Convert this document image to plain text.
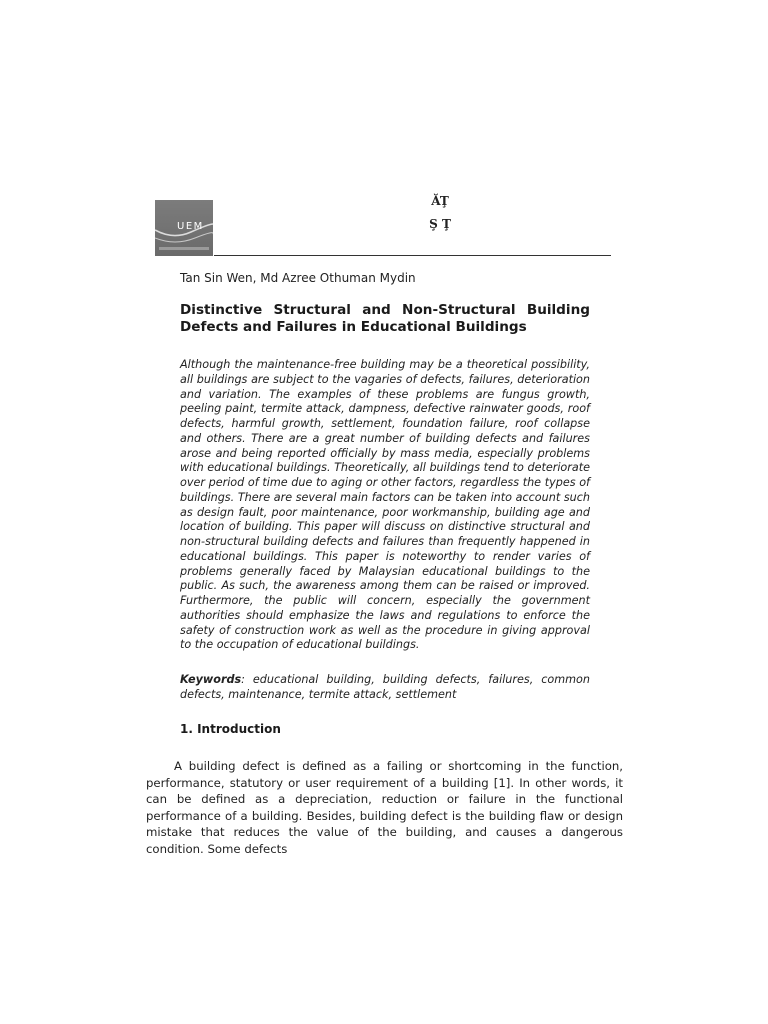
UEM
ĂŢ
Ş Ţ
Tan Sin Wen, Md Azree Othuman Mydin
Distinctive Structural and Non-Structural Building Defects and Failures in Educational Buildings

Although the maintenance-free building may be a theoretical possibility, all buildings are subject to the vagaries of defects, failures, deterioration and variation. The examples of these problems are fungus growth, peeling paint, termite attack, dampness, defective rainwater goods, roof defects, harmful growth, settlement, foundation failure, roof collapse and others. There are a great number of building defects and failures arose and being reported officially by mass media, especially problems with educational buildings. Theoretically, all buildings tend to deteriorate over period of time due to aging or other factors, regardless the types of buildings. There are several main factors can be taken into account such as design fault, poor maintenance, poor workmanship, building age and location of building. This paper will discuss on distinctive structural and non-structural building defects and failures than frequently happened in educational buildings. This paper is noteworthy to render varies of problems generally faced by Malaysian educational buildings to the public. As such, the awareness among them can be raised or improved. Furthermore, the public will concern, especially the government authorities should emphasize the laws and regulations to enforce the safety of construction work as well as the procedure in giving approval to the occupation of educational buildings.

Keywords: educational building, building defects, failures, common defects, maintenance, termite attack, settlement

1. Introduction

A building defect is defined as a failing or shortcoming in the function, performance, statutory or user requirement of a building [1]. In other words, it can be defined as a depreciation, reduction or failure in the functional performance of a building. Besides, building defect is the building flaw or design mistake that reduces the value of the building, and causes a dangerous condition. Some defects
